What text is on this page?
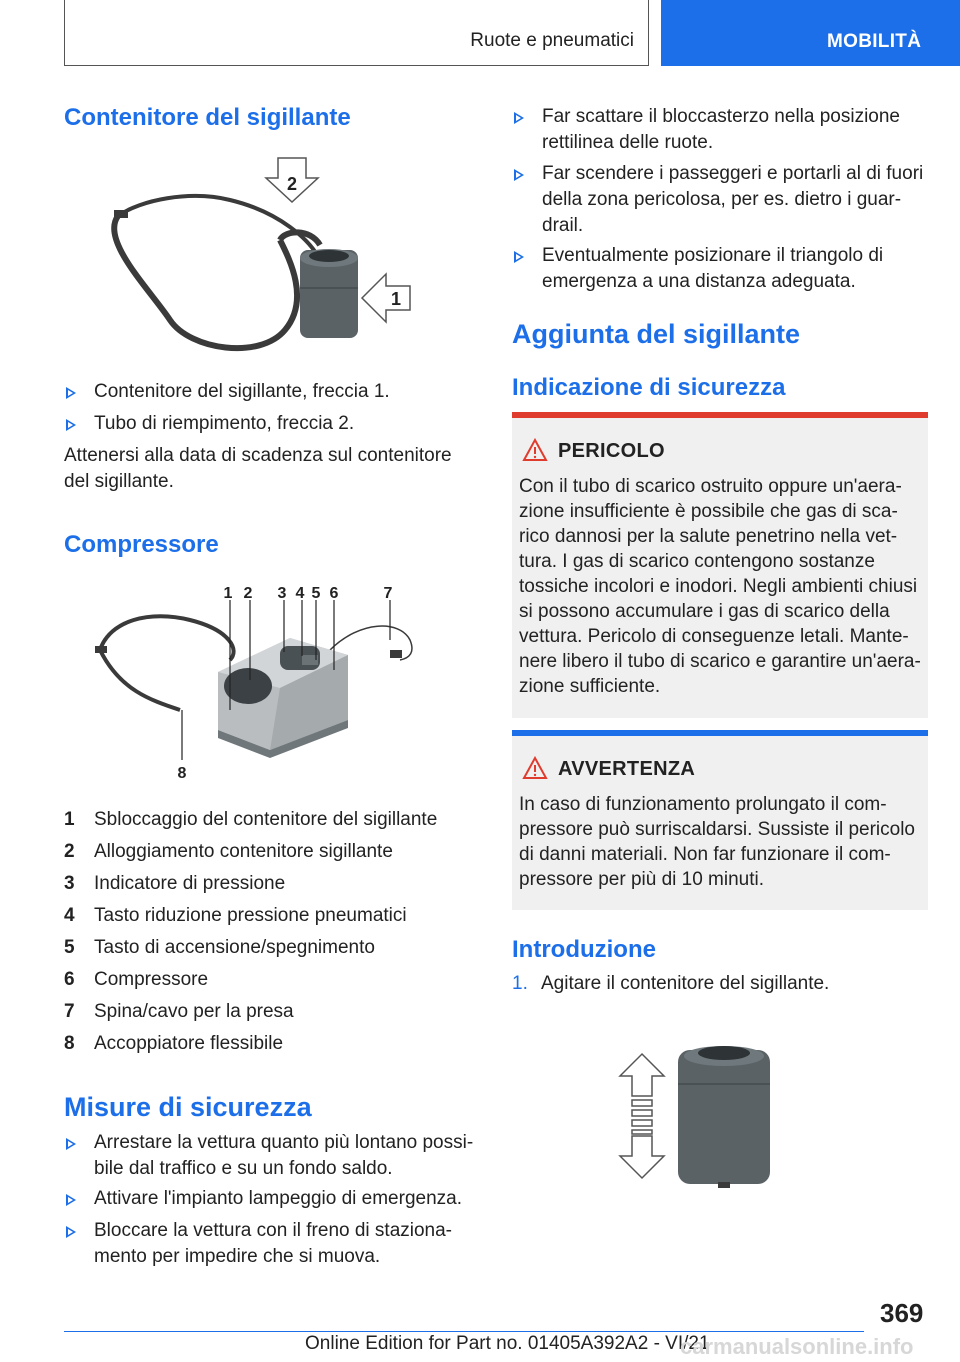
Ruote e pneumatici	MOBILITÀ
Contenitore del sigillante
2
1
Contenitore del sigillante, freccia 1.
Tubo di riempimento, freccia 2.
Attenersi alla data di scadenza sul contenitore
del sigillante.
Compressore
1 2 3 4 5 6	7
8
1 Sbloccaggio del contenitore del sigillante
2 Alloggiamento contenitore sigillante
3 Indicatore di pressione
4 Tasto riduzione pressione pneumatici
5 Tasto di accensione/spegnimento
6 Compressore
7 Spina/cavo per la presa
8 Accoppiatore flessibile
Misure di sicurezza
Arrestare la vettura quanto più lontano possi-
bile dal traffico e su un fondo saldo.
Attivare l'impianto lampeggio di emergenza.
Bloccare la vettura con il freno di staziona-
mento per impedire che si muova.
Far scattare il bloccasterzo nella posizione
rettilinea delle ruote.
Far scendere i passeggeri e portarli al di fuori
della zona pericolosa, per es. dietro i guar-
drail.
Eventualmente posizionare il triangolo di
emergenza a una distanza adeguata.
Aggiunta del sigillante
Indicazione di sicurezza
PERICOLO
Con il tubo di scarico ostruito oppure un'aera-
zione insufficiente è possibile che gas di sca-
rico dannosi per la salute penetrino nella vet-
tura. I gas di scarico contengono sostanze
tossiche incolori e inodori. Negli ambienti chiusi
si possono accumulare i gas di scarico della
vettura. Pericolo di conseguenze letali. Mante-
nere libero il tubo di scarico e garantire un'aera-
zione sufficiente.
AVVERTENZA
In caso di funzionamento prolungato il com-
pressore può surriscaldarsi. Sussiste il pericolo
di danni materiali. Non far funzionare il com-
pressore per più di 10 minuti.
Introduzione
1. Agitare il contenitore del sigillante.
369
Online Edition for Part no. 01405A392A2 - VI/21
carmanualsonline.info
